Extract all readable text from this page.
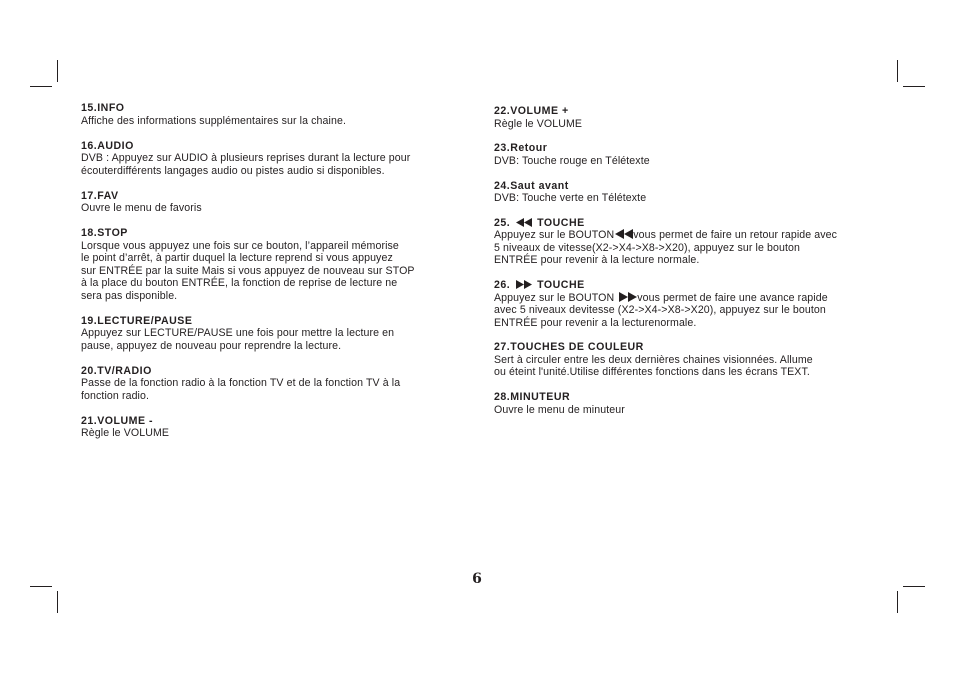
15.INFO
Affiche des informations supplémentaires sur la chaine.
16.AUDIO
DVB : Appuyez sur AUDIO à plusieurs reprises durant la lecture pour
écouterdifférents langages audio ou pistes audio si disponibles.
17.FAV
Ouvre le menu de favoris
18.STOP
Lorsque vous appuyez une fois sur ce bouton, l’appareil mémorise
le point d’arrêt, à partir duquel la lecture reprend si vous appuyez
sur ENTRÉE par la suite Mais si vous appuyez de nouveau sur STOP
à la place du bouton ENTRÉE, la fonction de reprise de lecture ne
sera pas disponible.
19.LECTURE/PAUSE
Appuyez sur LECTURE/PAUSE une fois pour mettre la lecture en
pause, appuyez de nouveau pour reprendre la lecture.
20.TV/RADIO
Passe de la fonction radio à la fonction TV et de la fonction TV à la
fonction radio.
21.VOLUME -
Règle le VOLUME
22.VOLUME +
Règle le VOLUME
23.Retour
DVB: Touche rouge en Télétexte
24.Saut avant
DVB: Touche verte en Télétexte
25.	TOUCHE
Appuyez sur le BOUTON vous permet de faire un retour rapide avec
5 niveaux de vitesse(X2->X4->X8->X20), appuyez sur le bouton
ENTRÉE pour revenir à la lecture normale.
26.	TOUCHE
Appuyez sur le BOUTON vous permet de faire une avance rapide
avec 5 niveaux devitesse (X2->X4->X8->X20), appuyez sur le bouton
ENTRÉE pour revenir a la lecturenormale.
27.TOUCHES DE COULEUR
Sert à circuler entre les deux dernières chaines visionnées. Allume
ou éteint l'unité.Utilise différentes fonctions dans les écrans TEXT.
28.MINUTEUR
Ouvre le menu de minuteur
6
